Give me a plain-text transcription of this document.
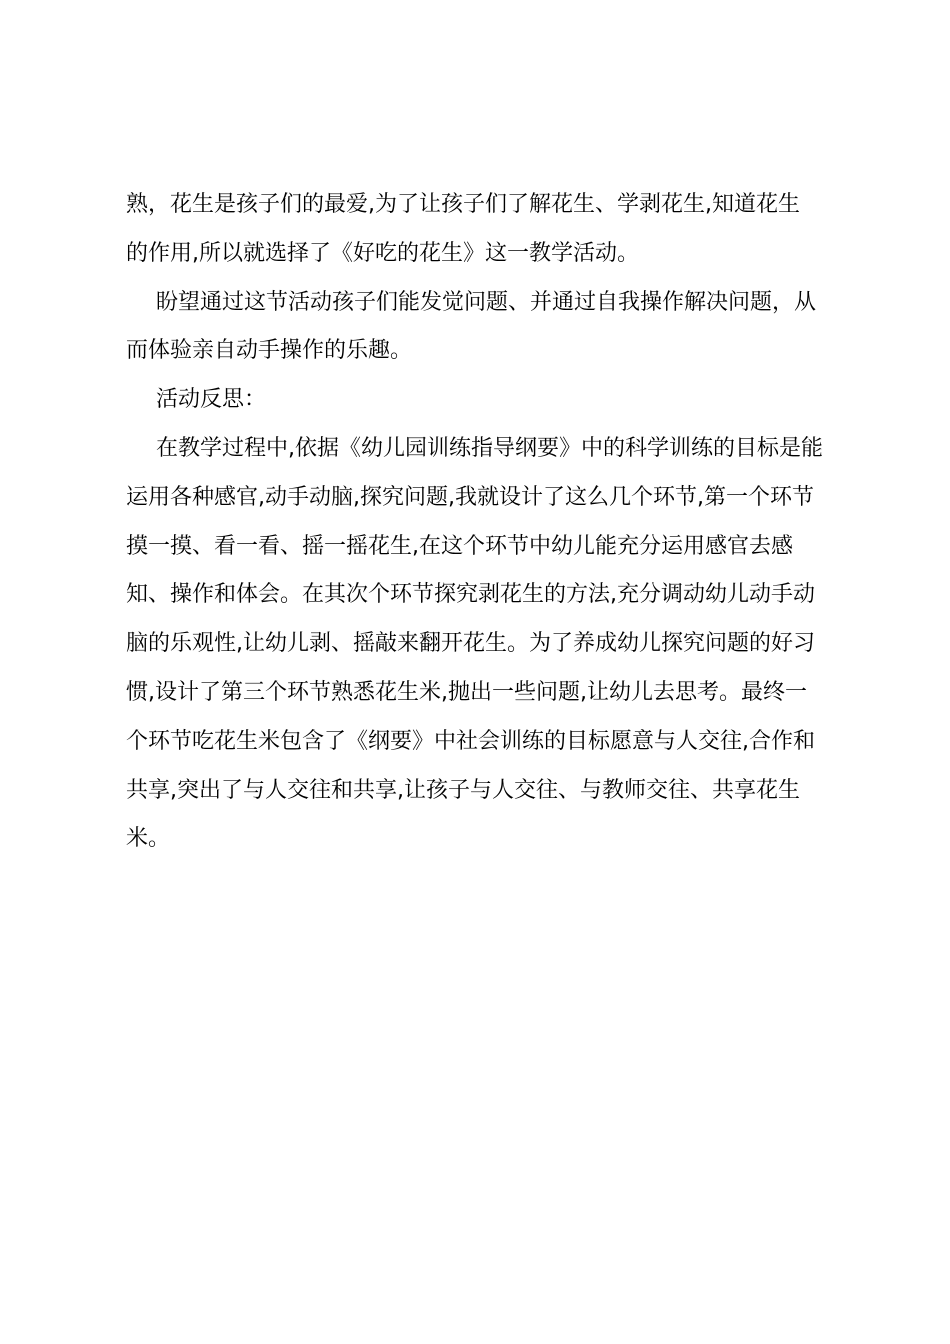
熟，花生是孩子们的最爱,为了让孩子们了解花生、学剥花生,知道花生
的作用,所以就选择了《好吃的花生》这一教学活动。
盼望通过这节活动孩子们能发觉问题、并通过自我操作解决问题，从
而体验亲自动手操作的乐趣。
活动反思：
在教学过程中,依据《幼儿园训练指导纲要》中的科学训练的目标是能
运用各种感官,动手动脑,探究问题,我就设计了这么几个环节,第一个环节
摸一摸、看一看、摇一摇花生,在这个环节中幼儿能充分运用感官去感
知、操作和体会。在其次个环节探究剥花生的方法,充分调动幼儿动手动
脑的乐观性,让幼儿剥、摇敲来翻开花生。为了养成幼儿探究问题的好习
惯,设计了第三个环节熟悉花生米,抛出一些问题,让幼儿去思考。最终一
个环节吃花生米包含了《纲要》中社会训练的目标愿意与人交往,合作和
共享,突出了与人交往和共享,让孩子与人交往、与教师交往、共享花生
米。
